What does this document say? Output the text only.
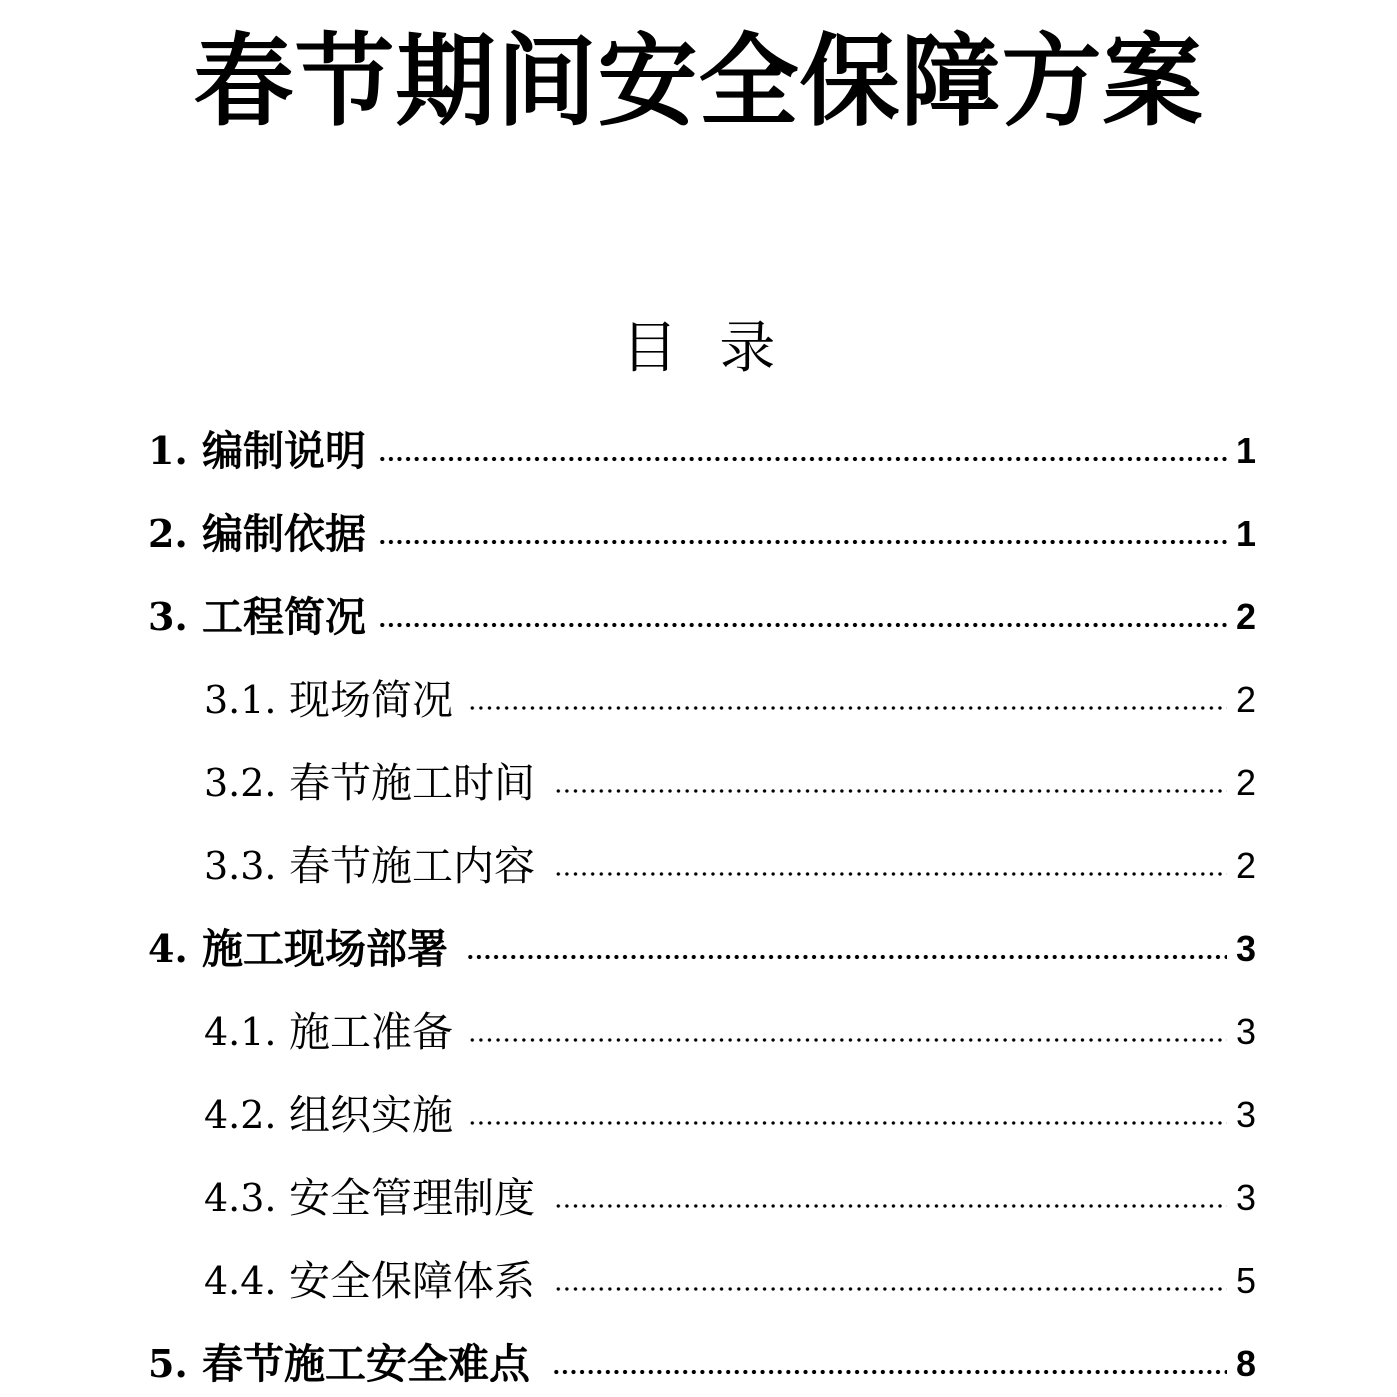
春节期间安全保障方案
目 录
1. 编制说明	1
2. 编制依据	1
3. 工程简况	2
3.1. 现场简况	2
3.2. 春节施工时间	2
3.3. 春节施工内容	2
4. 施工现场部署	3
4.1. 施工准备	3
4.2. 组织实施	3
4.3. 安全管理制度	3
4.4. 安全保障体系	5
5. 春节施工安全难点	8
